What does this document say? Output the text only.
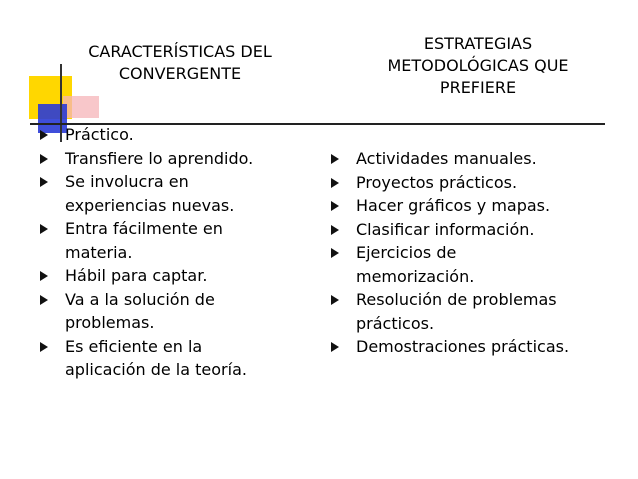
CARACTERÍSTICAS DEL
CONVERGENTE
ESTRATEGIAS
METODOLÓGICAS QUE
PREFIERE
Práctico.
Transfiere lo aprendido.
Se involucra en
experiencias nuevas.
Entra fácilmente en
materia.
Hábil para captar.
Va a la solución de
problemas.
Es eficiente en la
aplicación de la teoría.
Actividades manuales.
Proyectos prácticos.
Hacer gráficos y mapas.
Clasificar información.
Ejercicios de
memorización.
Resolución de problemas
prácticos.
Demostraciones prácticas.
